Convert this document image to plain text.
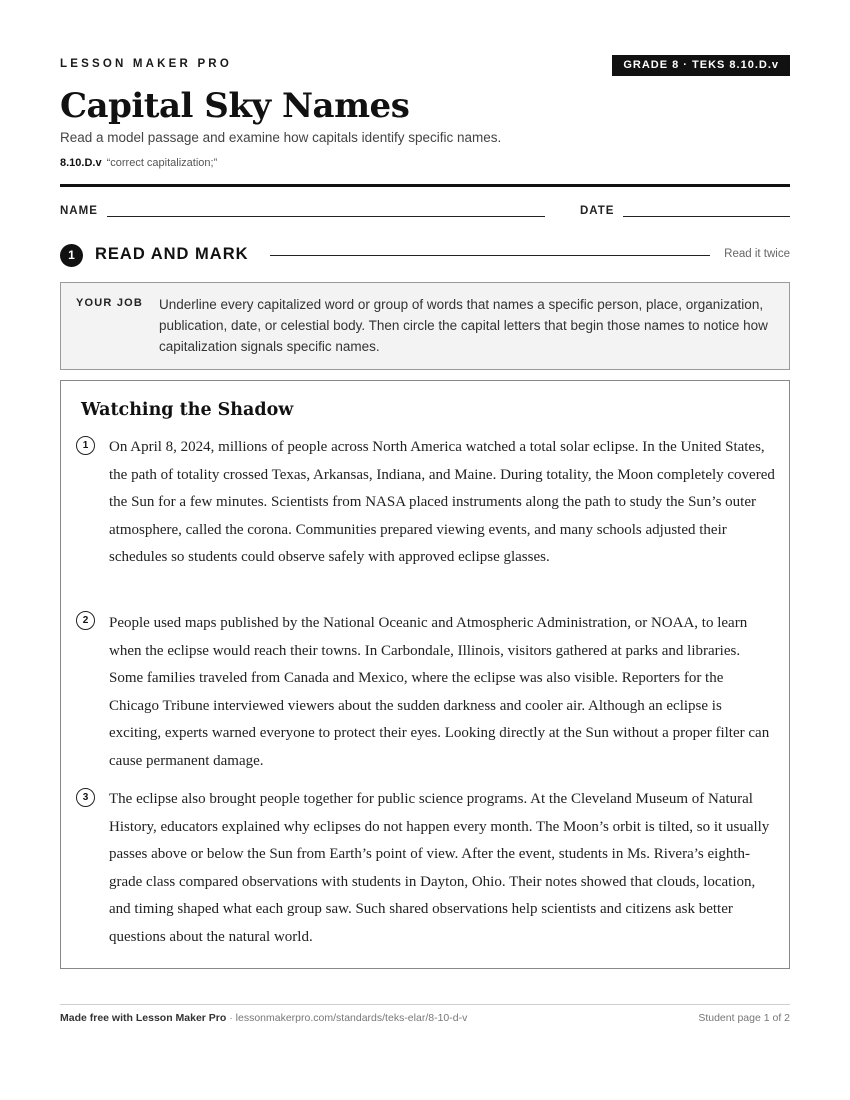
LESSON MAKER PRO	GRADE 8 · TEKS 8.10.D.v
Capital Sky Names
Read a model passage and examine how capitals identify specific names.
8.10.D.v “correct capitalization;”
NAME	DATE
1	READ AND MARK	Read it twice
YOUR JOB Underline every capitalized word or group of words that names a specific person, place, organization, publication, date, or celestial body. Then circle the capital letters that begin those names to notice how capitalization signals specific names.
Watching the Shadow
1	On April 8, 2024, millions of people across North America watched a total solar eclipse. In the United States, the path of totality crossed Texas, Arkansas, Indiana, and Maine. During totality, the Moon completely covered the Sun for a few minutes. Scientists from NASA placed instruments along the path to study the Sun’s outer atmosphere, called the corona. Communities prepared viewing events, and many schools adjusted their schedules so students could observe safely with approved eclipse glasses.

2	People used maps published by the National Oceanic and Atmospheric Administration, or NOAA, to learn when the eclipse would reach their towns. In Carbondale, Illinois, visitors gathered at parks and libraries. Some families traveled from Canada and Mexico, where the eclipse was also visible. Reporters for the Chicago Tribune interviewed viewers about the sudden darkness and cooler air. Although an eclipse is exciting, experts warned everyone to protect their eyes. Looking directly at the Sun without a proper filter can cause permanent damage.

3	The eclipse also brought people together for public science programs. At the Cleveland Museum of Natural History, educators explained why eclipses do not happen every month. The Moon’s orbit is tilted, so it usually passes above or below the Sun from Earth’s point of view. After the event, students in Ms. Rivera’s eighth-grade class compared observations with students in Dayton, Ohio. Their notes showed that clouds, location, and timing shaped what each group saw. Such shared observations help scientists and citizens ask better questions about the natural world.

Made free with Lesson Maker Pro · lessonmakerpro.com/standards/teks-elar/8-10-d-v	Student page 1 of 2
